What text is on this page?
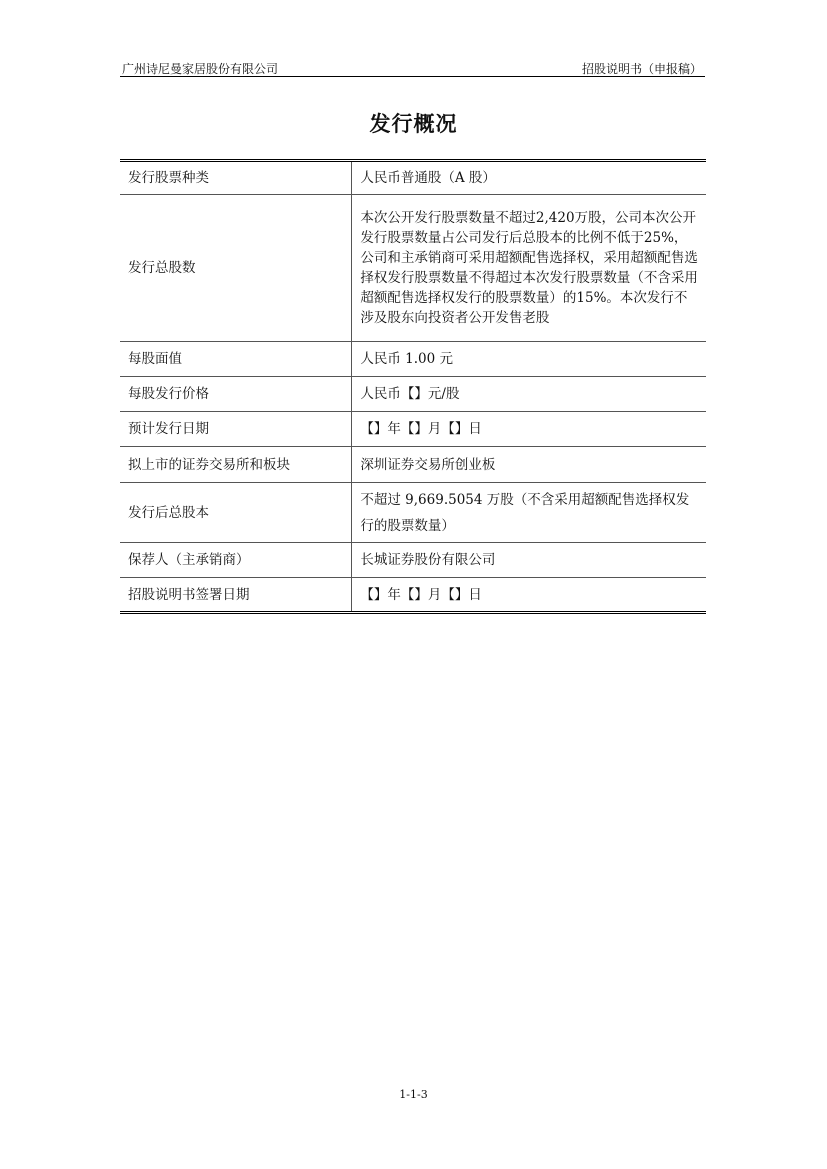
广州诗尼曼家居股份有限公司	招股说明书（申报稿）
发行概况
发行股票种类	人民币普通股（A 股）
发行总股数	本次公开发行股票数量不超过2,420万股，公司本次公开发行股票数量占公司发行后总股本的比例不低于25%，公司和主承销商可采用超额配售选择权，采用超额配售选择权发行股票数量不得超过本次发行股票数量（不含采用超额配售选择权发行的股票数量）的15%。本次发行不涉及股东向投资者公开发售老股
每股面值	人民币 1.00 元
每股发行价格	人民币【】元/股
预计发行日期	【】年【】月【】日
拟上市的证券交易所和板块	深圳证券交易所创业板
发行后总股本	不超过 9,669.5054 万股（不含采用超额配售选择权发行的股票数量）
保荐人（主承销商）	长城证券股份有限公司
招股说明书签署日期	【】年【】月【】日
1-1-3
